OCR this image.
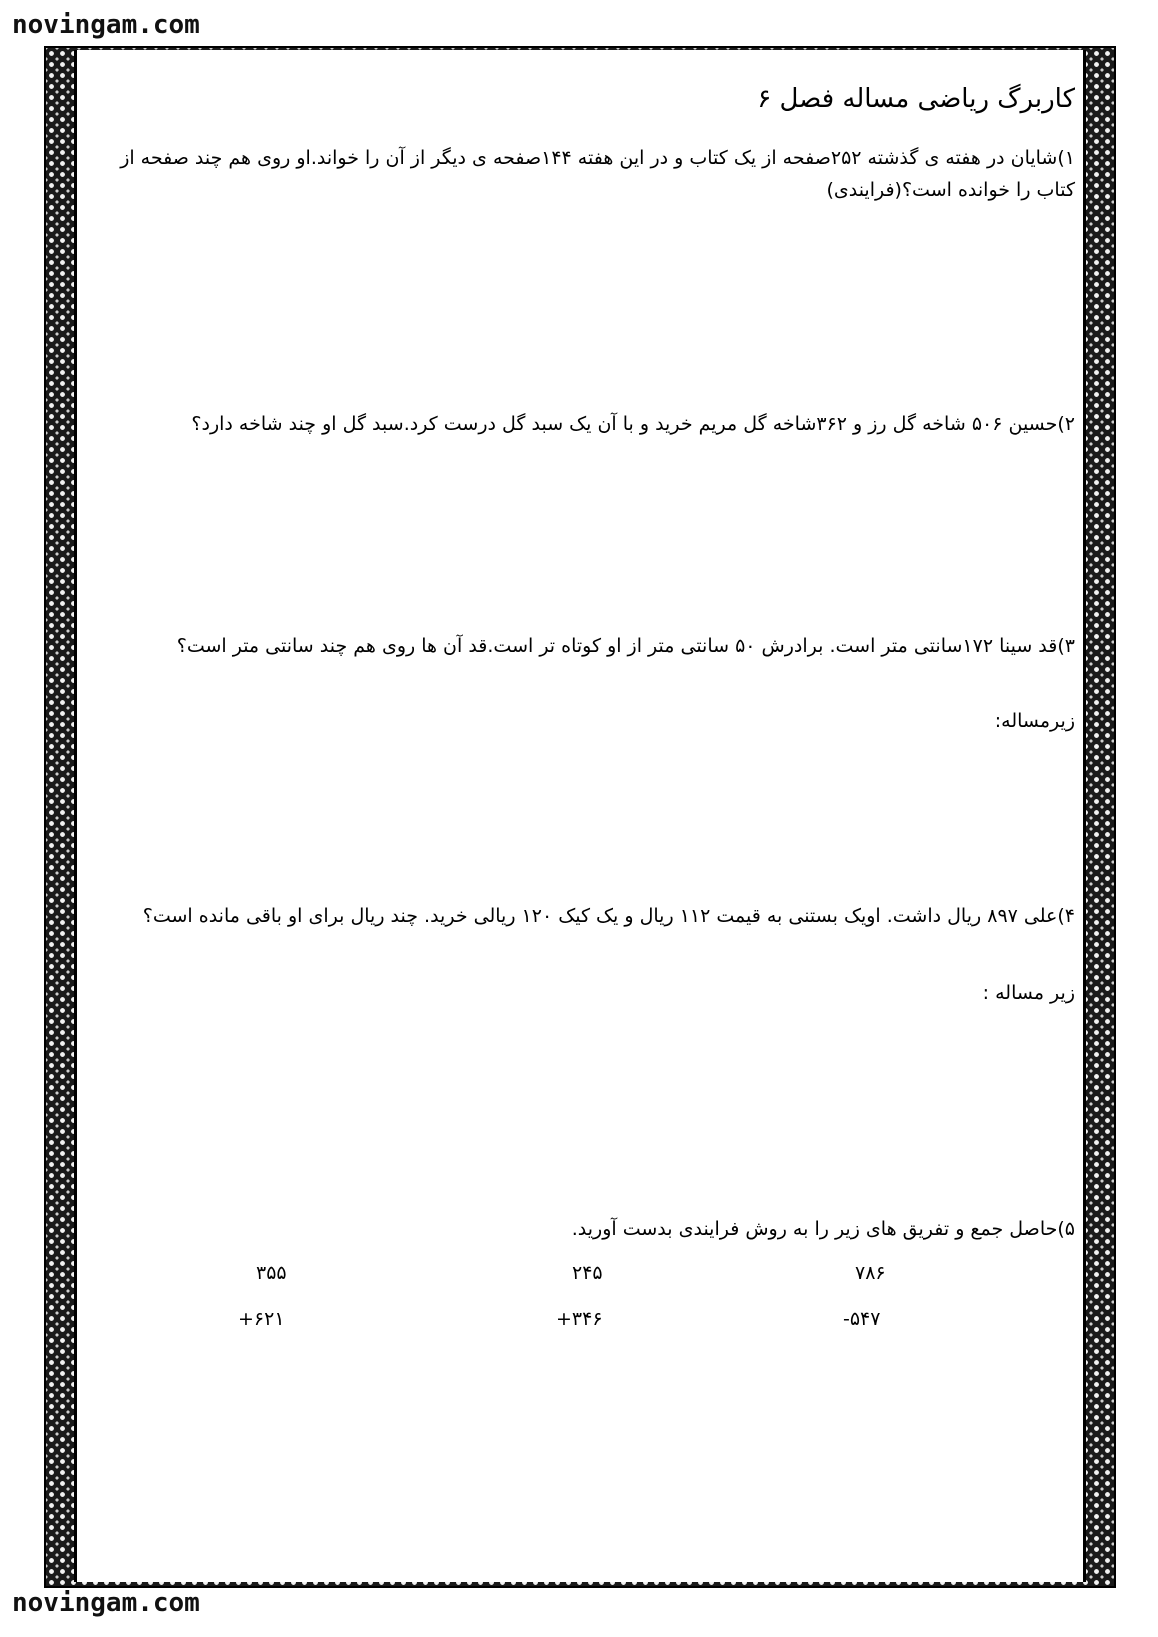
novingam.com
کاربرگ ریاضی مساله فصل ۶
۱)شایان در هفته ی گذشته ۲۵۲صفحه از یک کتاب و در این هفته ۱۴۴صفحه ی دیگر از آن را خواند.او روی هم چند صفحه از کتاب را خوانده است؟(فرایندی)
۲)حسین ۵۰۶ شاخه گل رز و ۳۶۲شاخه گل مریم خرید و با آن یک سبد گل درست کرد.سبد گل او چند شاخه دارد؟
۳)قد سینا ۱۷۲سانتی متر است. برادرش ۵۰ سانتی متر از او کوتاه تر است.قد آن ها روی هم چند سانتی متر است؟
زیرمساله:
۴)علی ۸۹۷ ریال داشت. اویک بستنی به قیمت ۱۱۲ ریال و یک کیک ۱۲۰ ریالی خرید. چند ریال برای او باقی مانده است؟
زیر مساله :
۵)حاصل جمع و تفریق های زیر را به روش فرایندی بدست آورید.
۷۸۶
-۵۴۷
۲۴۵
+۳۴۶
۳۵۵
+۶۲۱
novingam.com
